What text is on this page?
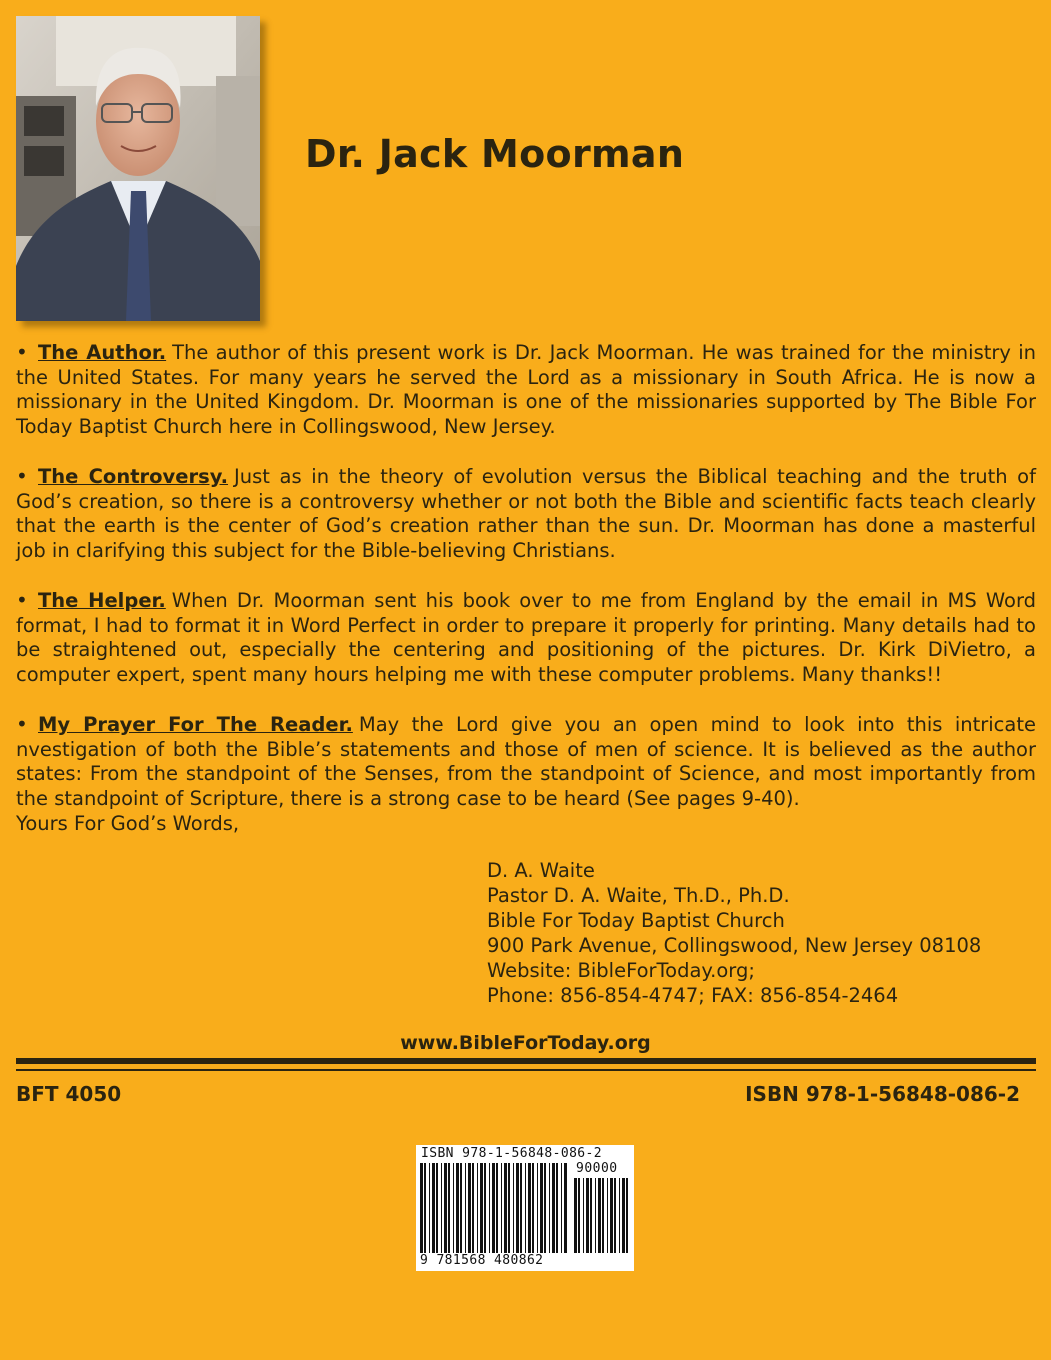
Dr. Jack Moorman

• The Author. The author of this present work is Dr. Jack Moorman. He was trained for the ministry in the United States. For many years he served the Lord as a missionary in South Africa. He is now a missionary in the United Kingdom. Dr. Moorman is one of the missionaries supported by The Bible For Today Baptist Church here in Collingswood, New Jersey.

• The Controversy. Just as in the theory of evolution versus the Biblical teaching and the truth of God’s creation, so there is a controversy whether or not both the Bible and scientific facts teach clearly that the earth is the center of God’s creation rather than the sun. Dr. Moorman has done a masterful job in clarifying this subject for the Bible-believing Christians.

• The Helper. When Dr. Moorman sent his book over to me from England by the email in MS Word format, I had to format it in Word Perfect in order to prepare it properly for printing. Many details had to be straightened out, especially the centering and positioning of the pictures. Dr. Kirk DiVietro, a computer expert, spent many hours helping me with these computer problems. Many thanks!!

• My Prayer For The Reader. May the Lord give you an open mind to look into this intricate nvestigation of both the Bible’s statements and those of men of science. It is believed as the author states: From the standpoint of the Senses, from the standpoint of Science, and most importantly from the standpoint of Scripture, there is a strong case to be heard (See pages 9-40).

Yours For God’s Words,

D. A. Waite
Pastor D. A. Waite, Th.D., Ph.D.
Bible For Today Baptist Church
900 Park Avenue, Collingswood, New Jersey 08108
Website: BibleForToday.org;
Phone: 856-854-4747; FAX: 856-854-2464
www.BibleForToday.org
BFT 4050	ISBN 978-1-56848-086-2
ISBN 978-1-56848-086-2
90000
9 781568 480862
